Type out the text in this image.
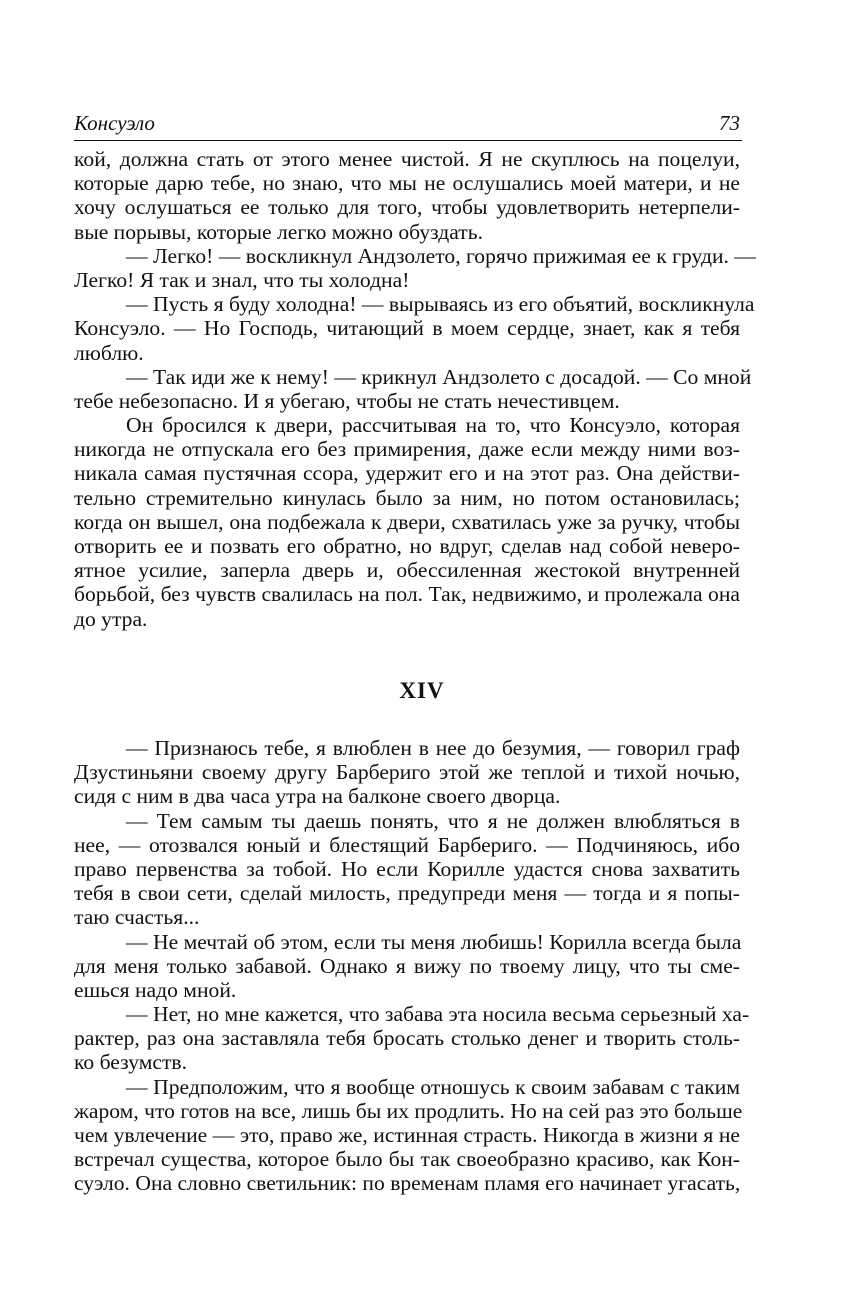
Консуэло	73
кой, должна стать от этого менее чистой. Я не скуплюсь на поцелуи,
которые дарю тебе, но знаю, что мы не ослушались моей матери, и не
хочу ослушаться ее только для того, чтобы удовлетворить нетерпели-
вые порывы, которые легко можно обуздать.
— Легко! — воскликнул Андзолето, горячо прижимая ее к груди. —
Легко! Я так и знал, что ты холодна!
— Пусть я буду холодна! — вырываясь из его объятий, воскликнула
Консуэло. — Но Господь, читающий в моем сердце, знает, как я тебя
люблю.
— Так иди же к нему! — крикнул Андзолето с досадой. — Со мной
тебе небезопасно. И я убегаю, чтобы не стать нечестивцем.
Он бросился к двери, рассчитывая на то, что Консуэло, которая
никогда не отпускала его без примирения, даже если между ними воз-
никала самая пустячная ссора, удержит его и на этот раз. Она действи-
тельно стремительно кинулась было за ним, но потом остановилась;
когда он вышел, она подбежала к двери, схватилась уже за ручку, чтобы
отворить ее и позвать его обратно, но вдруг, сделав над собой неверо-
ятное усилие, заперла дверь и, обессиленная жестокой внутренней
борьбой, без чувств свалилась на пол. Так, недвижимо, и пролежала она
до утра.
XIV
— Признаюсь тебе, я влюблен в нее до безумия, — говорил граф
Дзустиньяни своему другу Барбериго этой же теплой и тихой ночью,
сидя с ним в два часа утра на балконе своего дворца.
— Тем самым ты даешь понять, что я не должен влюбляться в
нее, — отозвался юный и блестящий Барбериго. — Подчиняюсь, ибо
право первенства за тобой. Но если Корилле удастся снова захватить
тебя в свои сети, сделай милость, предупреди меня — тогда и я попы-
таю счастья...
— Не мечтай об этом, если ты меня любишь! Корилла всегда была
для меня только забавой. Однако я вижу по твоему лицу, что ты сме-
ешься надо мной.
— Нет, но мне кажется, что забава эта носила весьма серьезный ха-
рактер, раз она заставляла тебя бросать столько денег и творить столь-
ко безумств.
— Предположим, что я вообще отношусь к своим забавам с таким
жаром, что готов на все, лишь бы их продлить. Но на сей раз это больше
чем увлечение — это, право же, истинная страсть. Никогда в жизни я не
встречал существа, которое было бы так своеобразно красиво, как Кон-
суэло. Она словно светильник: по временам пламя его начинает угасать,
